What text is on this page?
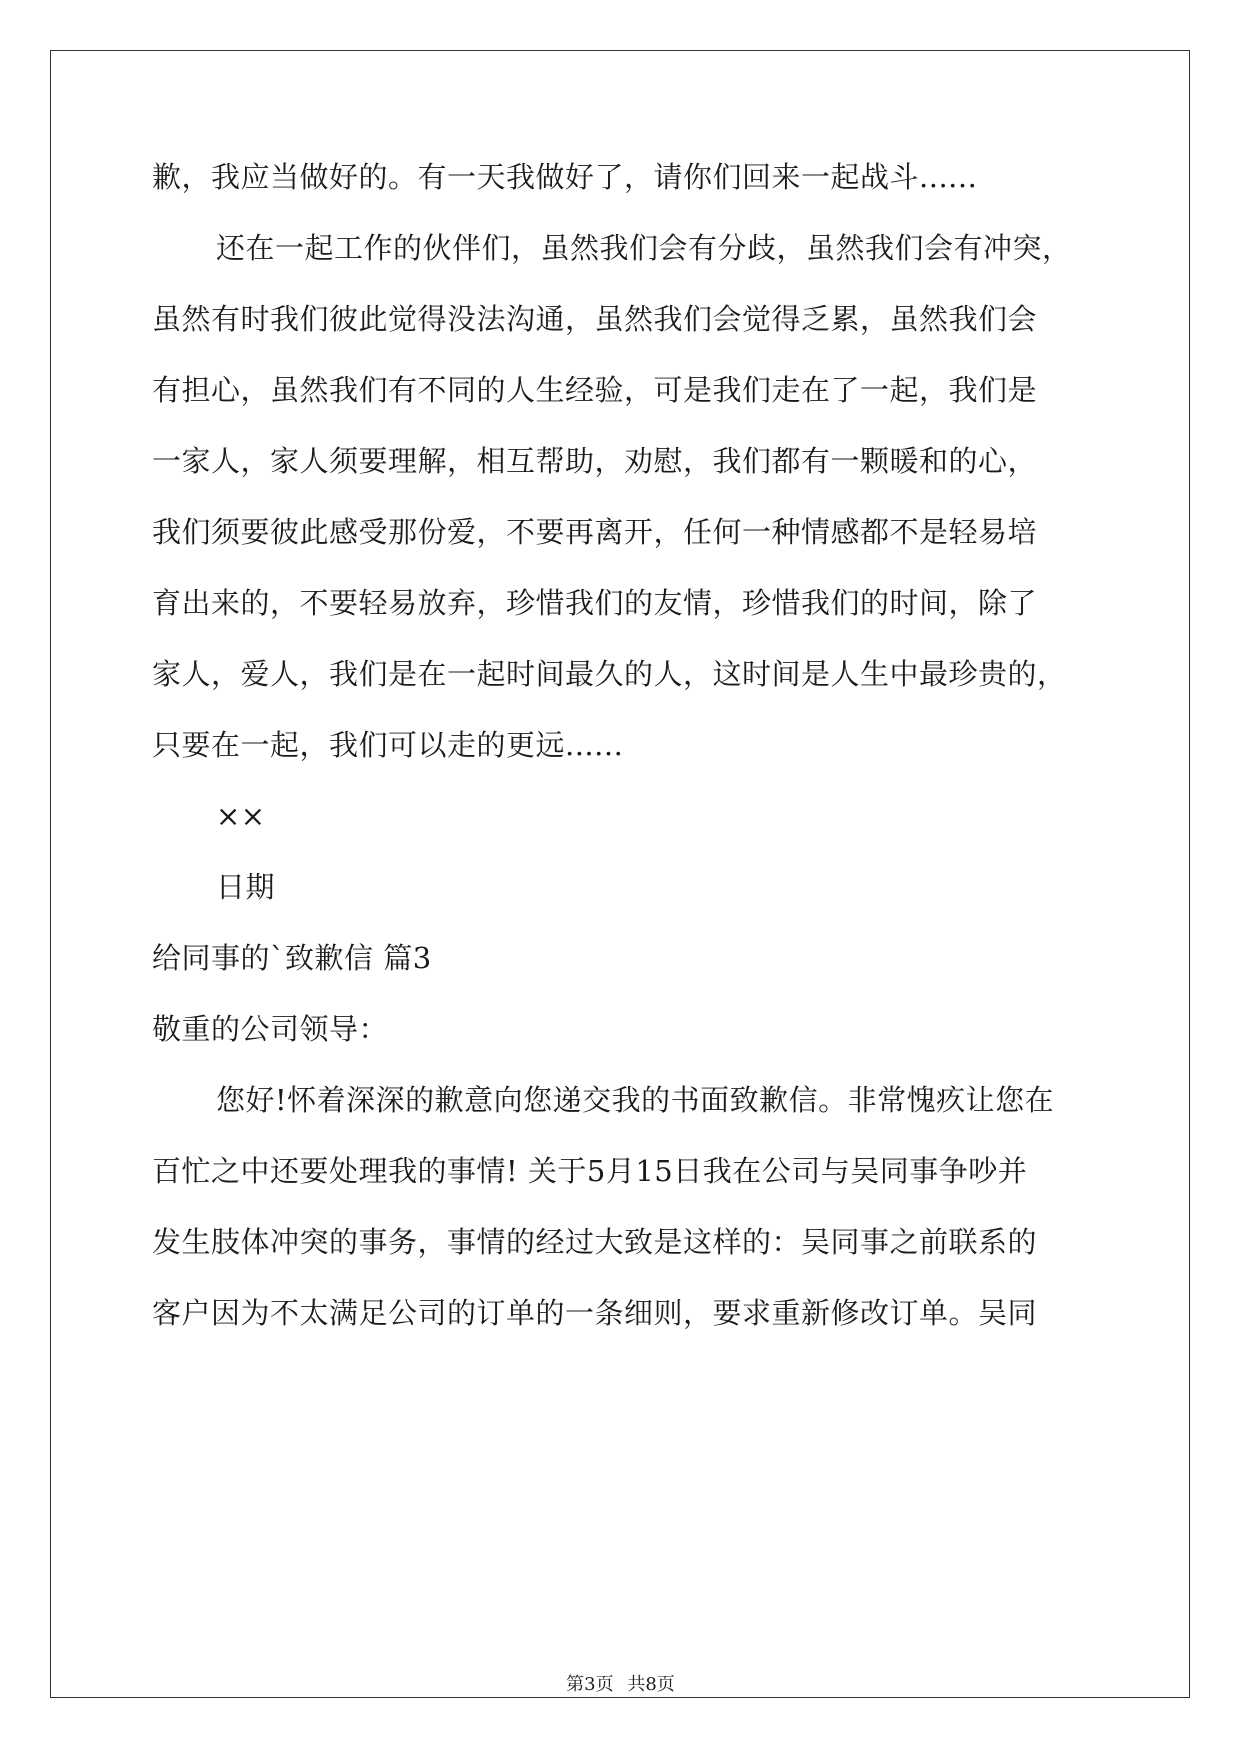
歉，我应当做好的。有一天我做好了，请你们回来一起战斗......
还在一起工作的伙伴们，虽然我们会有分歧，虽然我们会有冲突，
虽然有时我们彼此觉得没法沟通，虽然我们会觉得乏累，虽然我们会
有担心，虽然我们有不同的人生经验，可是我们走在了一起，我们是
一家人，家人须要理解，相互帮助，劝慰，我们都有一颗暖和的心，
我们须要彼此感受那份爱，不要再离开，任何一种情感都不是轻易培
育出来的，不要轻易放弃，珍惜我们的友情，珍惜我们的时间，除了
家人，爱人，我们是在一起时间最久的人，这时间是人生中最珍贵的，
只要在一起，我们可以走的更远......
××
日期
给同事的`致歉信 篇3
敬重的公司领导：
您好!怀着深深的歉意向您递交我的书面致歉信。非常愧疚让您在
百忙之中还要处理我的事情! 关于5月15日我在公司与吴同事争吵并
发生肢体冲突的事务，事情的经过大致是这样的：吴同事之前联系的
客户因为不太满足公司的订单的一条细则，要求重新修改订单。吴同
第3页 共8页
